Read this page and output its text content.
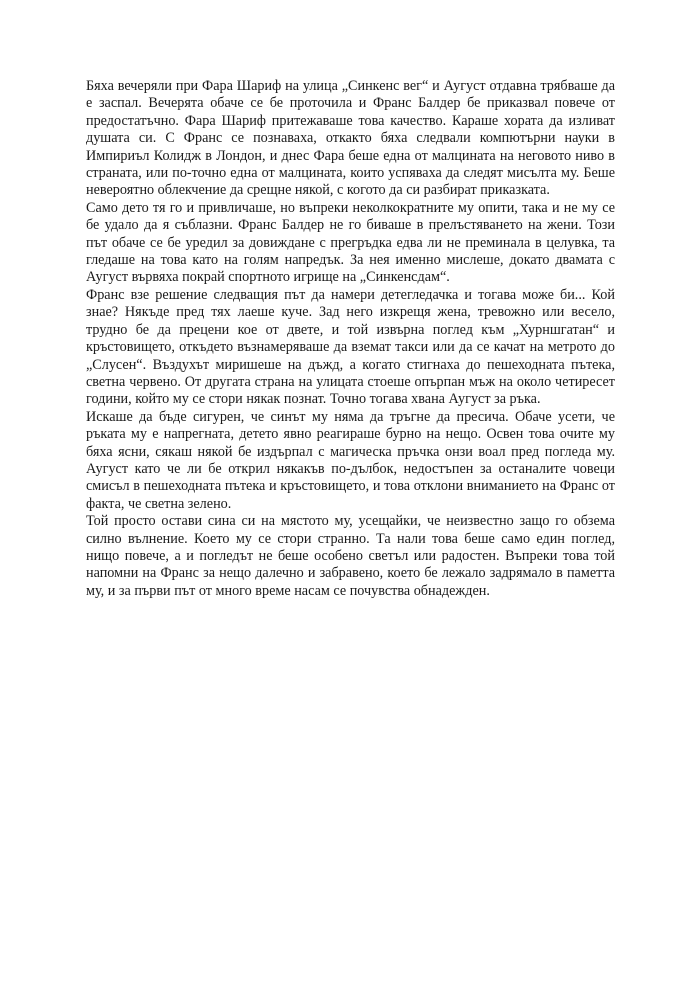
Бяха вечеряли при Фара Шариф на улица „Синкенс вег“ и Аугуст отдавна трябваше да е заспал. Вечерята обаче се бе проточила и Франс Балдер бе приказвал повече от предостатъчно. Фара Шариф притежаваше това качество. Караше хората да изливат душата си. С Франс се познаваха, откакто бяха следвали компютърни науки в Импириъл Колидж в Лондон, и днес Фара беше една от малцината на неговото ниво в страната, или по-точно една от малцината, които успяваха да следят мисълта му. Беше невероятно облекчение да срещне някой, с когото да си разбират приказката.

Само дето тя го и привличаше, но въпреки неколкократните му опити, така и не му се бе удало да я съблазни. Франс Балдер не го биваше в прелъстяването на жени. Този път обаче се бе уредил за довиждане с прегръдка едва ли не преминала в целувка, та гледаше на това като на голям напредък. За нея именно мислеше, докато двамата с Аугуст вървяха покрай спортното игрище на „Синкенсдам“.

Франс взе решение следващия път да намери детегледачка и тогава може би... Кой знае? Някъде пред тях лаеше куче. Зад него изкрещя жена, тревожно или весело, трудно бе да прецени кое от двете, и той извърна поглед към „Хурншгатан“ и кръстовището, откъдето възнамеряваше да вземат такси или да се качат на метрото до „Слусен“. Въздухът миришеше на дъжд, а когато стигнаха до пешеходната пътека, светна червено. От другата страна на улицата стоеше опърпан мъж на около четиресет години, който му се стори някак познат. Точно тогава хвана Аугуст за ръка.

Искаше да бъде сигурен, че синът му няма да тръгне да пресича. Обаче усети, че ръката му е напрегната, детето явно реагираше бурно на нещо. Освен това очите му бяха ясни, сякаш някой бе издърпал с магическа пръчка онзи воал пред погледа му. Аугуст като че ли бе открил някакъв по-дълбок, недостъпен за останалите човеци смисъл в пешеходната пътека и кръстовището, и това отклони вниманието на Франс от факта, че светна зелено.

Той просто остави сина си на мястото му, усещайки, че неизвестно защо го обзема силно вълнение. Което му се стори странно. Та нали това беше само един поглед, нищо повече, а и погледът не беше особено светъл или радостен. Въпреки това той напомни на Франс за нещо далечно и забравено, което бе лежало задрямало в паметта му, и за първи път от много време насам се почувства обнадежден.
